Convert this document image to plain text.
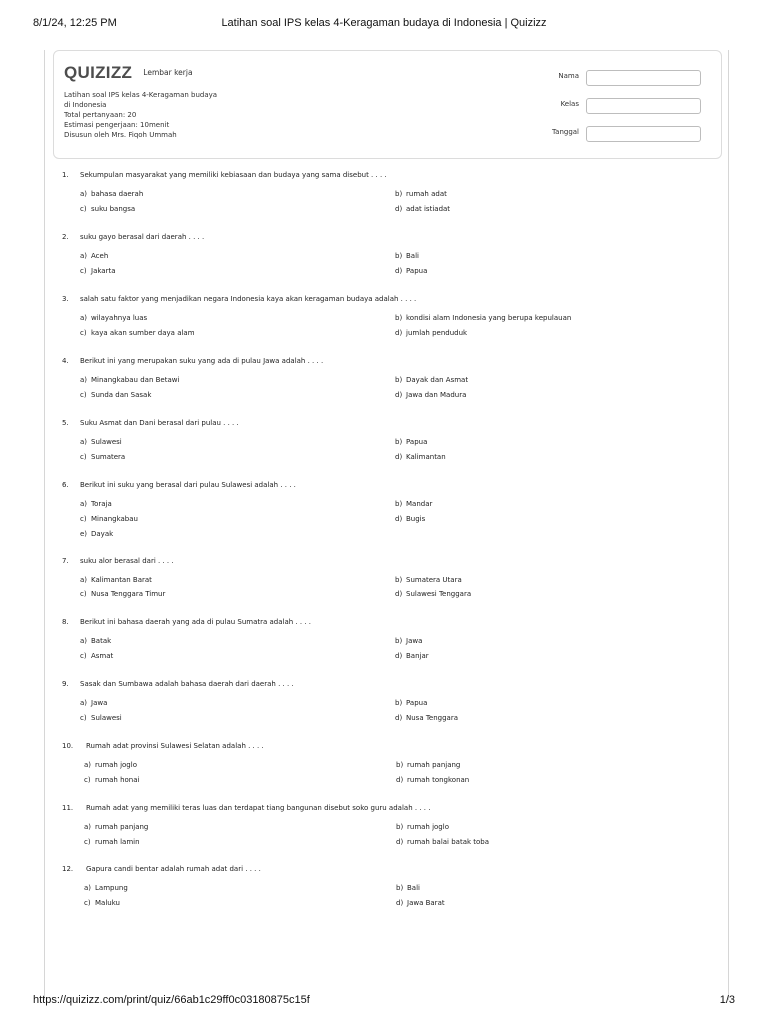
8/1/24, 12:25 PM	Latihan soal IPS kelas 4-Keragaman budaya di Indonesia | Quizizz
QUIZIZZ Lembar kerja
Latihan soal IPS kelas 4-Keragaman budaya
di Indonesia
Total pertanyaan: 20
Estimasi pengerjaan: 10menit
Disusun oleh Mrs. Fiqoh Ummah
Nama
Kelas
Tanggal
1. Sekumpulan masyarakat yang memiliki kebiasaan dan budaya yang sama disebut . . . .
a) bahasa daerah	b) rumah adat
c) suku bangsa	d) adat istiadat
2. suku gayo berasal dari daerah . . . .
a) Aceh	b) Bali
c) Jakarta	d) Papua
3. salah satu faktor yang menjadikan negara Indonesia kaya akan keragaman budaya adalah . . . .
a) wilayahnya luas	b) kondisi alam Indonesia yang berupa kepulauan
c) kaya akan sumber daya alam	d) jumlah penduduk
4. Berikut ini yang merupakan suku yang ada di pulau Jawa adalah . . . .
a) Minangkabau dan Betawi	b) Dayak dan Asmat
c) Sunda dan Sasak	d) Jawa dan Madura
5. Suku Asmat dan Dani berasal dari pulau . . . .
a) Sulawesi	b) Papua
c) Sumatera	d) Kalimantan
6. Berikut ini suku yang berasal dari pulau Sulawesi adalah . . . .
a) Toraja	b) Mandar
c) Minangkabau	d) Bugis
e) Dayak
7. suku alor berasal dari . . . .
a) Kalimantan Barat	b) Sumatera Utara
c) Nusa Tenggara Timur	d) Sulawesi Tenggara
8. Berikut ini bahasa daerah yang ada di pulau Sumatra adalah . . . .
a) Batak	b) Jawa
c) Asmat	d) Banjar
9. Sasak dan Sumbawa adalah bahasa daerah dari daerah . . . .
a) Jawa	b) Papua
c) Sulawesi	d) Nusa Tenggara
10. Rumah adat provinsi Sulawesi Selatan adalah . . . .
a) rumah joglo	b) rumah panjang
c) rumah honai	d) rumah tongkonan
11. Rumah adat yang memiliki teras luas dan terdapat tiang bangunan disebut soko guru adalah . . . .
a) rumah panjang	b) rumah joglo
c) rumah lamin	d) rumah balai batak toba
12. Gapura candi bentar adalah rumah adat dari . . . .
a) Lampung	b) Bali
c) Maluku	d) Jawa Barat
https://quizizz.com/print/quiz/66ab1c29ff0c03180875c15f	1/3
